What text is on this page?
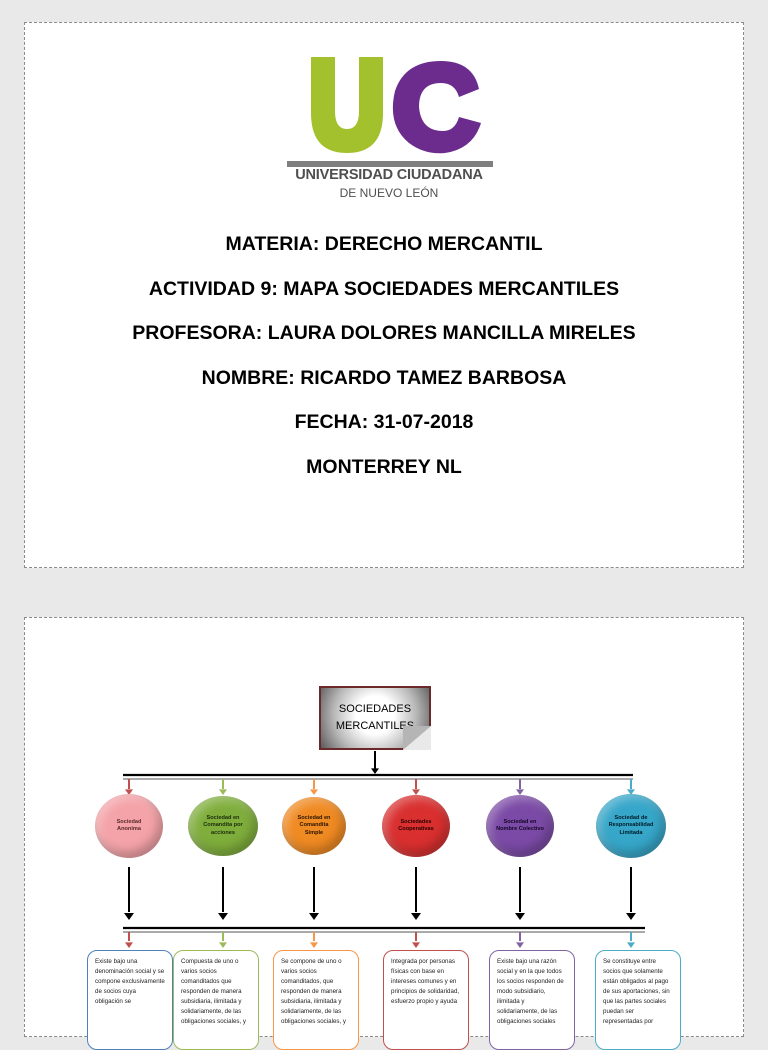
UNIVERSIDAD CIUDADANA
DE NUEVO LEÓN
MATERIA: DERECHO MERCANTIL
ACTIVIDAD 9: MAPA SOCIEDADES MERCANTILES
PROFESORA: LAURA DOLORES MANCILLA MIRELES
NOMBRE: RICARDO TAMEZ BARBOSA
FECHA: 31-07-2018
MONTERREY NL
SOCIEDADES MERCANTILES
Sociedad Anonima
Sociedad en Comandita por acciones
Sociedad en Comandita Simple
Sociedades Cooperativas
Sociedad en Nombre Colectivo
Sociedad de Responsabilidad Limitada
Existe bajo una denominación social y se compone exclusivamente de socios cuya obligación se
Compuesta de uno o varios socios comanditados que responden de manera subsidiaria, ilimitada y solidariamente, de las obligaciones sociales, y
Se compone de uno o varios socios comanditados, que responden de manera subsidiaria, ilimitada y solidariamente, de las obligaciones sociales, y
Integrada por personas físicas con base en intereses comunes y en principios de solidaridad, esfuerzo propio y ayuda
Existe bajo una razón social y en la que todos los socios responden de modo subsidiario, ilimitada y solidariamente, de las obligaciones sociales
Se constituye entre socios que solamente están obligados al pago de sus aportaciones, sin que las partes sociales puedan ser representadas por
